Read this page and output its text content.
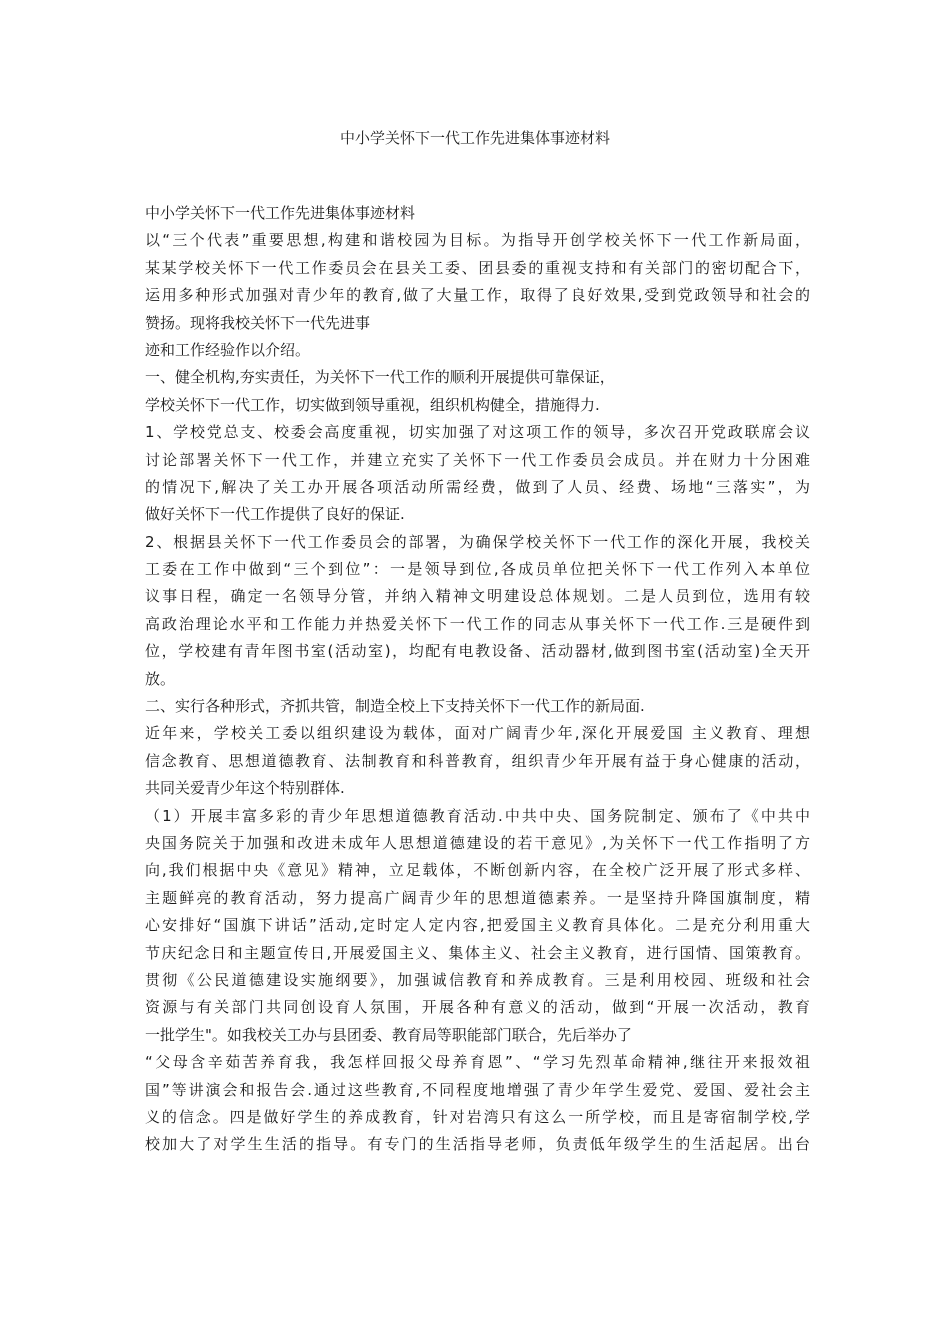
中小学关怀下一代工作先进集体事迹材料
中小学关怀下一代工作先进集体事迹材料
以“三个代表”重要思想,构建和谐校园为目标。为指导开创学校关怀下一代工作新局面，
某某学校关怀下一代工作委员会在县关工委、团县委的重视支持和有关部门的密切配合下，
运用多种形式加强对青少年的教育,做了大量工作，取得了良好效果,受到党政领导和社会的
赞扬。现将我校关怀下一代先进事
迹和工作经验作以介绍。
一、健全机构,夯实责任，为关怀下一代工作的顺利开展提供可靠保证，
学校关怀下一代工作，切实做到领导重视，组织机构健全，措施得力.
1、学校党总支、校委会高度重视，切实加强了对这项工作的领导，多次召开党政联席会议
讨论部署关怀下一代工作，并建立充实了关怀下一代工作委员会成员。并在财力十分困难
的情况下,解决了关工办开展各项活动所需经费，做到了人员、经费、场地“三落实”，为
做好关怀下一代工作提供了良好的保证.
2、根据县关怀下一代工作委员会的部署，为确保学校关怀下一代工作的深化开展，我校关
工委在工作中做到“三个到位”：一是领导到位,各成员单位把关怀下一代工作列入本单位
议事日程，确定一名领导分管，并纳入精神文明建设总体规划。二是人员到位，选用有较
高政治理论水平和工作能力并热爱关怀下一代工作的同志从事关怀下一代工作.三是硬件到
位，学校建有青年图书室(活动室)，均配有电教设备、活动器材,做到图书室(活动室)全天开
放。
二、实行各种形式，齐抓共管，制造全校上下支持关怀下一代工作的新局面.
近年来，学校关工委以组织建设为载体，面对广阔青少年,深化开展爱国 主义教育、理想
信念教育、思想道德教育、法制教育和科普教育，组织青少年开展有益于身心健康的活动，
共同关爱青少年这个特别群体.
（1）开展丰富多彩的青少年思想道德教育活动.中共中央、国务院制定、颁布了《中共中
央国务院关于加强和改进未成年人思想道德建设的若干意见》,为关怀下一代工作指明了方
向,我们根据中央《意见》精神，立足载体，不断创新内容，在全校广泛开展了形式多样、
主题鲜亮的教育活动，努力提高广阔青少年的思想道德素养。一是坚持升降国旗制度，精
心安排好“国旗下讲话”活动,定时定人定内容,把爱国主义教育具体化。二是充分利用重大
节庆纪念日和主题宣传日,开展爱国主义、集体主义、社会主义教育，进行国情、国策教育。
贯彻《公民道德建设实施纲要》，加强诚信教育和养成教育。三是利用校园、班级和社会
资源与有关部门共同创设育人氛围，开展各种有意义的活动，做到“开展一次活动，教育
一批学生"。如我校关工办与县团委、教育局等职能部门联合，先后举办了
“父母含辛茹苦养育我，我怎样回报父母养育恩”、“学习先烈革命精神,继往开来报效祖
国”等讲演会和报告会.通过这些教育,不同程度地增强了青少年学生爱党、爱国、爱社会主
义的信念。四是做好学生的养成教育，针对岩湾只有这么一所学校，而且是寄宿制学校,学
校加大了对学生生活的指导。有专门的生活指导老师，负责低年级学生的生活起居。出台
